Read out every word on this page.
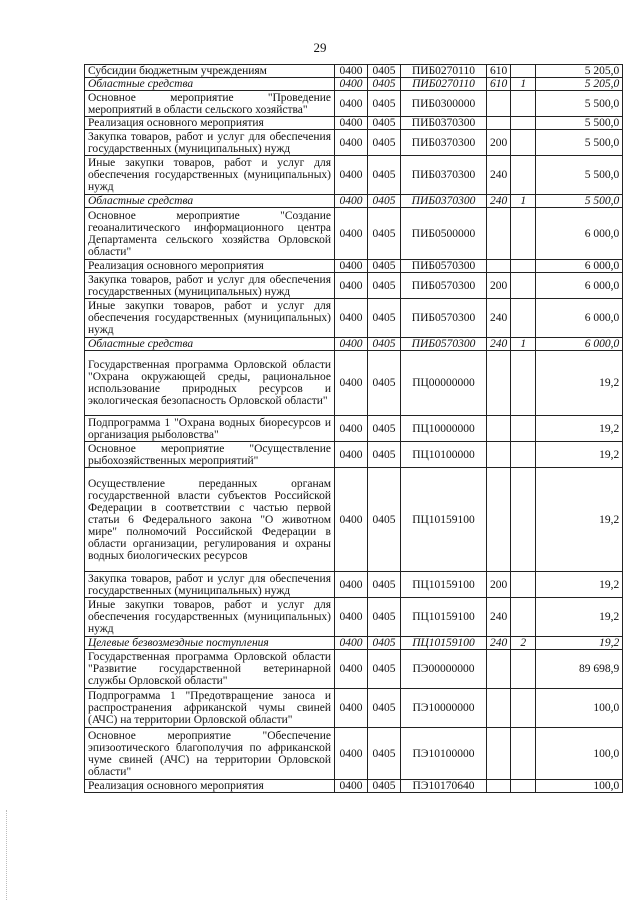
29
Субсидии бюджетным учреждениям	0400	0405	ПИБ0270110	610		5 205,0
Областные средства	0400	0405	ПИБ0270110	610	1	5 205,0
Основное мероприятие "Проведение мероприятий в области сельского хозяйства"	0400	0405	ПИБ0300000			5 500,0
Реализация основного мероприятия	0400	0405	ПИБ0370300			5 500,0
Закупка товаров, работ и услуг для обеспечения государственных (муниципальных) нужд	0400	0405	ПИБ0370300	200		5 500,0
Иные закупки товаров, работ и услуг для обеспечения государственных (муниципальных) нужд	0400	0405	ПИБ0370300	240		5 500,0
Областные средства	0400	0405	ПИБ0370300	240	1	5 500,0
Основное мероприятие "Создание геоаналитического информационного центра Департамента сельского хозяйства Орловской области"	0400	0405	ПИБ0500000			6 000,0
Реализация основного мероприятия	0400	0405	ПИБ0570300			6 000,0
Закупка товаров, работ и услуг для обеспечения государственных (муниципальных) нужд	0400	0405	ПИБ0570300	200		6 000,0
Иные закупки товаров, работ и услуг для обеспечения государственных (муниципальных) нужд	0400	0405	ПИБ0570300	240		6 000,0
Областные средства	0400	0405	ПИБ0570300	240	1	6 000,0
Государственная программа Орловской области "Охрана окружающей среды, рациональное использование природных ресурсов и экологическая безопасность Орловской области"	0400	0405	ПЦ00000000			19,2
Подпрограмма 1 "Охрана водных биоресурсов и организация рыболовства"	0400	0405	ПЦ10000000			19,2
Основное мероприятие "Осуществление рыбохозяйственных мероприятий"	0400	0405	ПЦ10100000			19,2
Осуществление переданных органам государственной власти субъектов Российской Федерации в соответствии с частью первой статьи 6 Федерального закона "О животном мире" полномочий Российской Федерации в области организации, регулирования и охраны водных биологических ресурсов	0400	0405	ПЦ10159100			19,2
Закупка товаров, работ и услуг для обеспечения государственных (муниципальных) нужд	0400	0405	ПЦ10159100	200		19,2
Иные закупки товаров, работ и услуг для обеспечения государственных (муниципальных) нужд	0400	0405	ПЦ10159100	240		19,2
Целевые безвозмездные поступления	0400	0405	ПЦ10159100	240	2	19,2
Государственная программа Орловской области "Развитие государственной ветеринарной службы Орловской области"	0400	0405	ПЭ00000000			89 698,9
Подпрограмма 1 "Предотвращение заноса и распространения африканской чумы свиней (АЧС) на территории Орловской области"	0400	0405	ПЭ10000000			100,0
Основное мероприятие "Обеспечение эпизоотического благополучия по африканской чуме свиней (АЧС) на территории Орловской области"	0400	0405	ПЭ10100000			100,0
Реализация основного мероприятия	0400	0405	ПЭ10170640			100,0
